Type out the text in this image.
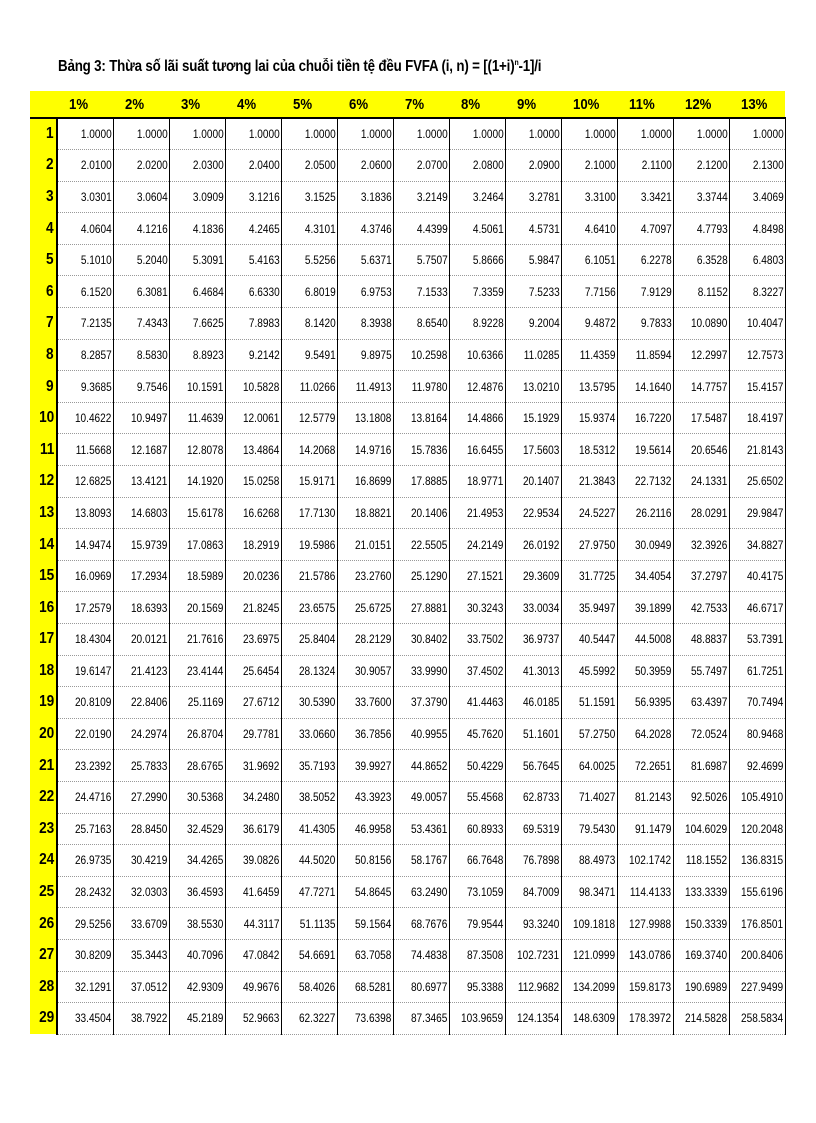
Bảng 3: Thừa số lãi suất tương lai của chuỗi tiền tệ đều FVFA (i, $n) = [(1+i)^n-1]/i$
	1%	2%	3%	4%	5%	6%	7%	8%	9%	10%	11%	12%	13%
1	1.0000	1.0000	1.0000	1.0000	1.0000	1.0000	1.0000	1.0000	1.0000	1.0000	1.0000	1.0000	1.0000
2	2.0100	2.0200	2.0300	2.0400	2.0500	2.0600	2.0700	2.0800	2.0900	2.1000	2.1100	2.1200	2.1300
3	3.0301	3.0604	3.0909	3.1216	3.1525	3.1836	3.2149	3.2464	3.2781	3.3100	3.3421	3.3744	3.4069
4	4.0604	4.1216	4.1836	4.2465	4.3101	4.3746	4.4399	4.5061	4.5731	4.6410	4.7097	4.7793	4.8498
5	5.1010	5.2040	5.3091	5.4163	5.5256	5.6371	5.7507	5.8666	5.9847	6.1051	6.2278	6.3528	6.4803
6	6.1520	6.3081	6.4684	6.6330	6.8019	6.9753	7.1533	7.3359	7.5233	7.7156	7.9129	8.1152	8.3227
7	7.2135	7.4343	7.6625	7.8983	8.1420	8.3938	8.6540	8.9228	9.2004	9.4872	9.7833	10.0890	10.4047
8	8.2857	8.5830	8.8923	9.2142	9.5491	9.8975	10.2598	10.6366	11.0285	11.4359	11.8594	12.2997	12.7573
9	9.3685	9.7546	10.1591	10.5828	11.0266	11.4913	11.9780	12.4876	13.0210	13.5795	14.1640	14.7757	15.4157
10	10.4622	10.9497	11.4639	12.0061	12.5779	13.1808	13.8164	14.4866	15.1929	15.9374	16.7220	17.5487	18.4197
11	11.5668	12.1687	12.8078	13.4864	14.2068	14.9716	15.7836	16.6455	17.5603	18.5312	19.5614	20.6546	21.8143
12	12.6825	13.4121	14.1920	15.0258	15.9171	16.8699	17.8885	18.9771	20.1407	21.3843	22.7132	24.1331	25.6502
13	13.8093	14.6803	15.6178	16.6268	17.7130	18.8821	20.1406	21.4953	22.9534	24.5227	26.2116	28.0291	29.9847
14	14.9474	15.9739	17.0863	18.2919	19.5986	21.0151	22.5505	24.2149	26.0192	27.9750	30.0949	32.3926	34.8827
15	16.0969	17.2934	18.5989	20.0236	21.5786	23.2760	25.1290	27.1521	29.3609	31.7725	34.4054	37.2797	40.4175
16	17.2579	18.6393	20.1569	21.8245	23.6575	25.6725	27.8881	30.3243	33.0034	35.9497	39.1899	42.7533	46.6717
17	18.4304	20.0121	21.7616	23.6975	25.8404	28.2129	30.8402	33.7502	36.9737	40.5447	44.5008	48.8837	53.7391
18	19.6147	21.4123	23.4144	25.6454	28.1324	30.9057	33.9990	37.4502	41.3013	45.5992	50.3959	55.7497	61.7251
19	20.8109	22.8406	25.1169	27.6712	30.5390	33.7600	37.3790	41.4463	46.0185	51.1591	56.9395	63.4397	70.7494
20	22.0190	24.2974	26.8704	29.7781	33.0660	36.7856	40.9955	45.7620	51.1601	57.2750	64.2028	72.0524	80.9468
21	23.2392	25.7833	28.6765	31.9692	35.7193	39.9927	44.8652	50.4229	56.7645	64.0025	72.2651	81.6987	92.4699
22	24.4716	27.2990	30.5368	34.2480	38.5052	43.3923	49.0057	55.4568	62.8733	71.4027	81.2143	92.5026	105.4910
23	25.7163	28.8450	32.4529	36.6179	41.4305	46.9958	53.4361	60.8933	69.5319	79.5430	91.1479	104.6029	120.2048
24	26.9735	30.4219	34.4265	39.0826	44.5020	50.8156	58.1767	66.7648	76.7898	88.4973	102.1742	118.1552	136.8315
25	28.2432	32.0303	36.4593	41.6459	47.7271	54.8645	63.2490	73.1059	84.7009	98.3471	114.4133	133.3339	155.6196
26	29.5256	33.6709	38.5530	44.3117	51.1135	59.1564	68.7676	79.9544	93.3240	109.1818	127.9988	150.3339	176.8501
27	30.8209	35.3443	40.7096	47.0842	54.6691	63.7058	74.4838	87.3508	102.7231	121.0999	143.0786	169.3740	200.8406
28	32.1291	37.0512	42.9309	49.9676	58.4026	68.5281	80.6977	95.3388	112.9682	134.2099	159.8173	190.6989	227.9499
29	33.4504	38.7922	45.2189	52.9663	62.3227	73.6398	87.3465	103.9659	124.1354	148.6309	178.3972	214.5828	258.5834
